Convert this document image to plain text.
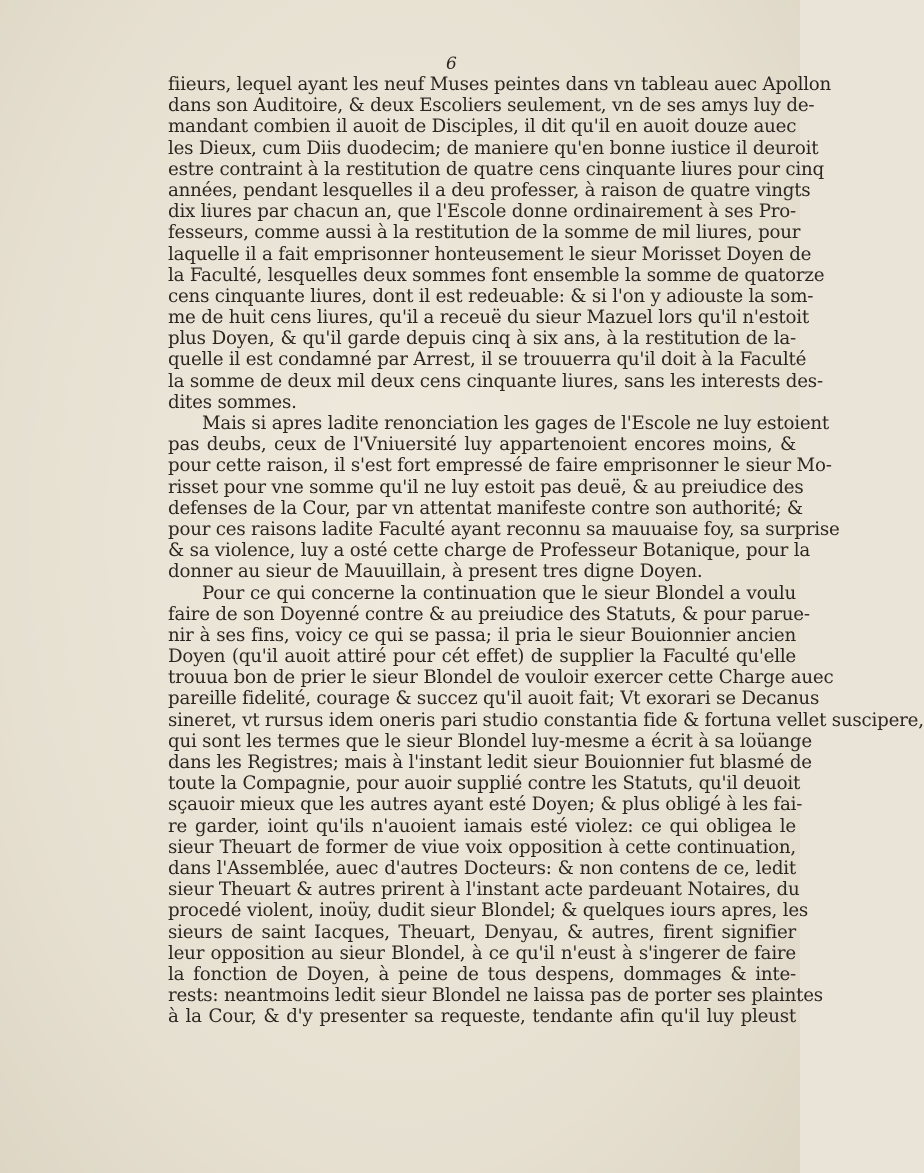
6
fiieurs, lequel ayant les neuf Muses peintes dans vn tableau auec Apollon
dans son Auditoire, & deux Escoliers seulement, vn de ses amys luy de-
mandant combien il auoit de Disciples, il dit qu'il en auoit douze auec
les Dieux, cum Diis duodecim; de maniere qu'en bonne iustice il deuroit
estre contraint à la restitution de quatre cens cinquante liures pour cinq
années, pendant lesquelles il a deu professer, à raison de quatre vingts
dix liures par chacun an, que l'Escole donne ordinairement à ses Pro-
fesseurs, comme aussi à la restitution de la somme de mil liures, pour
laquelle il a fait emprisonner honteusement le sieur Morisset Doyen de
la Faculté, lesquelles deux sommes font ensemble la somme de quatorze
cens cinquante liures, dont il est redeuable: & si l'on y adiouste la som-
me de huit cens liures, qu'il a receuë du sieur Mazuel lors qu'il n'estoit
plus Doyen, & qu'il garde depuis cinq à six ans, à la restitution de la-
quelle il est condamné par Arrest, il se trouuerra qu'il doit à la Faculté
la somme de deux mil deux cens cinquante liures, sans les interests des-
dites sommes.
Mais si apres ladite renonciation les gages de l'Escole ne luy estoient
pas deubs, ceux de l'Vniuersité luy appartenoient encores moins, &
pour cette raison, il s'est fort empressé de faire emprisonner le sieur Mo-
risset pour vne somme qu'il ne luy estoit pas deuë, & au preiudice des
defenses de la Cour, par vn attentat manifeste contre son authorité; &
pour ces raisons ladite Faculté ayant reconnu sa mauuaise foy, sa surprise
& sa violence, luy a osté cette charge de Professeur Botanique, pour la
donner au sieur de Mauuillain, à present tres digne Doyen.
Pour ce qui concerne la continuation que le sieur Blondel a voulu
faire de son Doyenné contre & au preiudice des Statuts, & pour parue-
nir à ses fins, voicy ce qui se passa; il pria le sieur Bouionnier ancien
Doyen (qu'il auoit attiré pour cét effet) de supplier la Faculté qu'elle
trouua bon de prier le sieur Blondel de vouloir exercer cette Charge auec
pareille fidelité, courage & succez qu'il auoit fait; Vt exorari se Decanus
sineret, vt rursus idem oneris pari studio constantia fide & fortuna vellet suscipere,
qui sont les termes que le sieur Blondel luy-mesme a écrit à sa loüange
dans les Registres; mais à l'instant ledit sieur Bouionnier fut blasmé de
toute la Compagnie, pour auoir supplié contre les Statuts, qu'il deuoit
sçauoir mieux que les autres ayant esté Doyen; & plus obligé à les fai-
re garder, ioint qu'ils n'auoient iamais esté violez: ce qui obligea le
sieur Theuart de former de viue voix opposition à cette continuation,
dans l'Assemblée, auec d'autres Docteurs: & non contens de ce, ledit
sieur Theuart & autres prirent à l'instant acte pardeuant Notaires, du
procedé violent, inoüy, dudit sieur Blondel; & quelques iours apres, les
sieurs de saint Iacques, Theuart, Denyau, & autres, firent signifier
leur opposition au sieur Blondel, à ce qu'il n'eust à s'ingerer de faire
la fonction de Doyen, à peine de tous despens, dommages & inte-
rests: neantmoins ledit sieur Blondel ne laissa pas de porter ses plaintes
à la Cour, & d'y presenter sa requeste, tendante afin qu'il luy pleust
